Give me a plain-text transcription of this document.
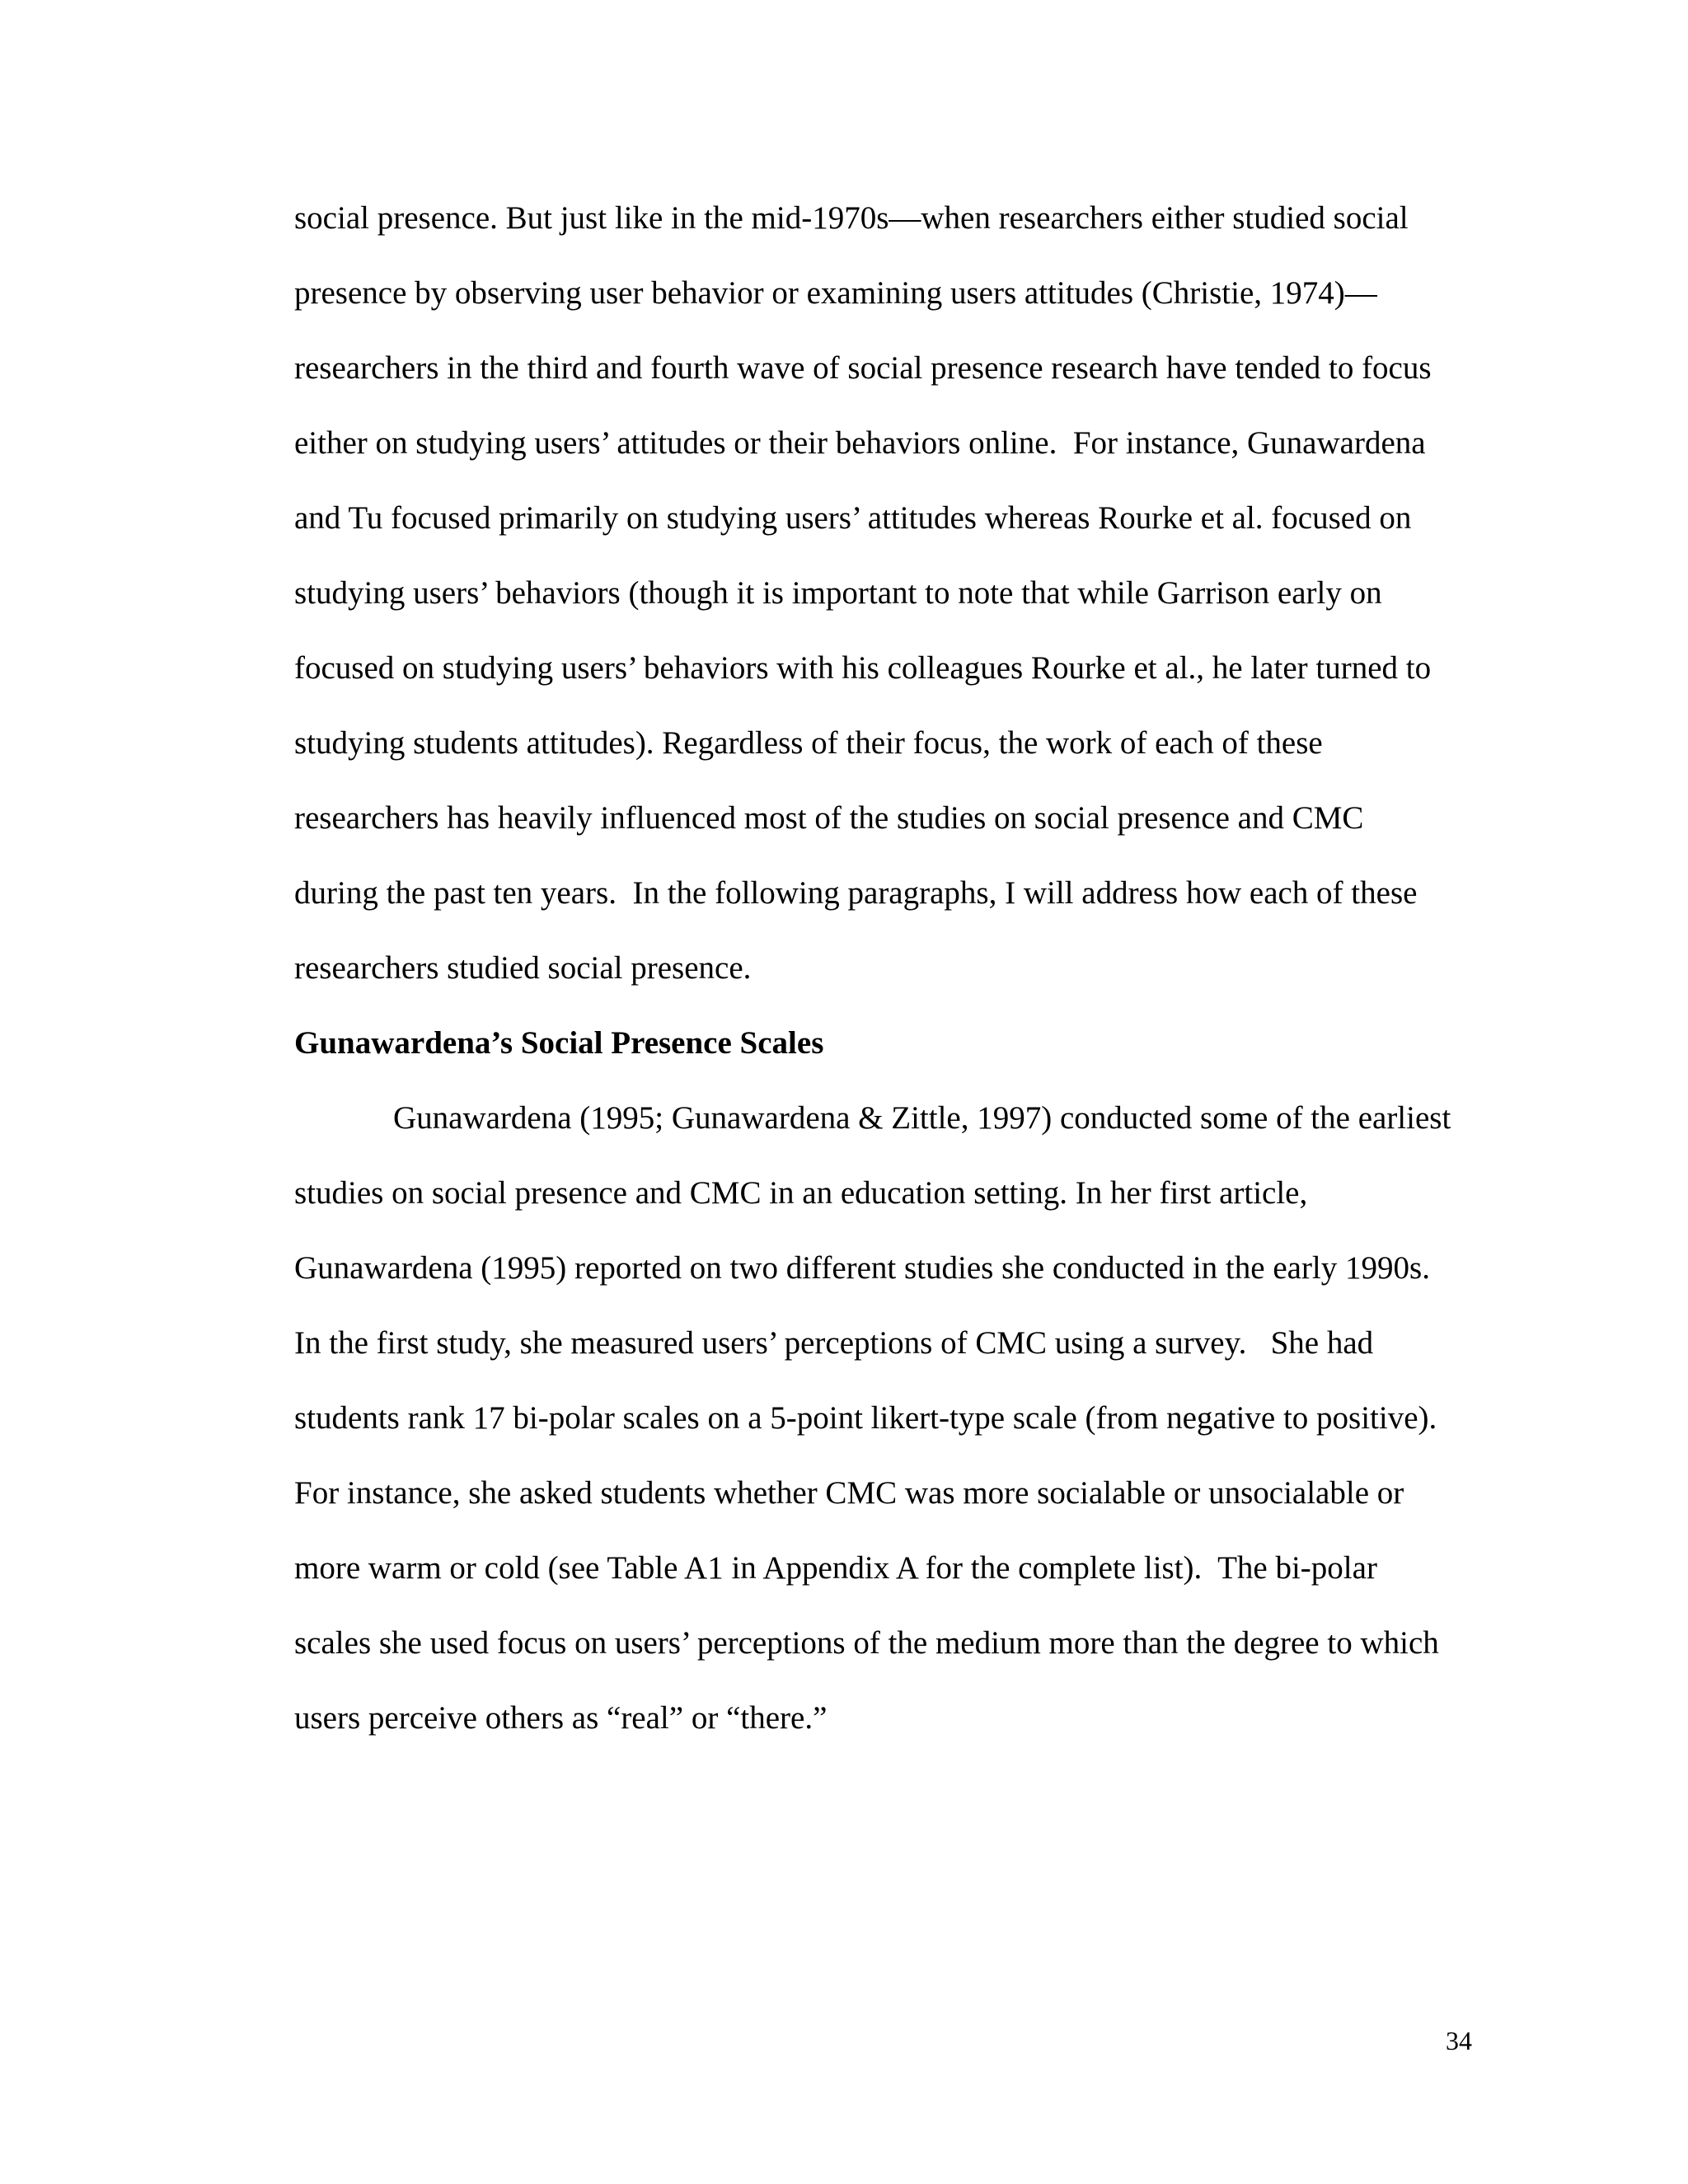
social presence. But just like in the mid-1970s—when researchers either studied social
presence by observing user behavior or examining users attitudes (Christie, 1974)—
researchers in the third and fourth wave of social presence research have tended to focus
either on studying users’ attitudes or their behaviors online.  For instance, Gunawardena
and Tu focused primarily on studying users’ attitudes whereas Rourke et al. focused on
studying users’ behaviors (though it is important to note that while Garrison early on
focused on studying users’ behaviors with his colleagues Rourke et al., he later turned to
studying students attitudes). Regardless of their focus, the work of each of these
researchers has heavily influenced most of the studies on social presence and CMC
during the past ten years.  In the following paragraphs, I will address how each of these
researchers studied social presence.
Gunawardena’s Social Presence Scales
Gunawardena (1995; Gunawardena & Zittle, 1997) conducted some of the earliest
studies on social presence and CMC in an education setting. In her first article,
Gunawardena (1995) reported on two different studies she conducted in the early 1990s.
In the first study, she measured users’ perceptions of CMC using a survey.   She had
students rank 17 bi-polar scales on a 5-point likert-type scale (from negative to positive).
For instance, she asked students whether CMC was more socialable or unsocialable or
more warm or cold (see Table A1 in Appendix A for the complete list).  The bi-polar
scales she used focus on users’ perceptions of the medium more than the degree to which
users perceive others as “real” or “there.”
34
